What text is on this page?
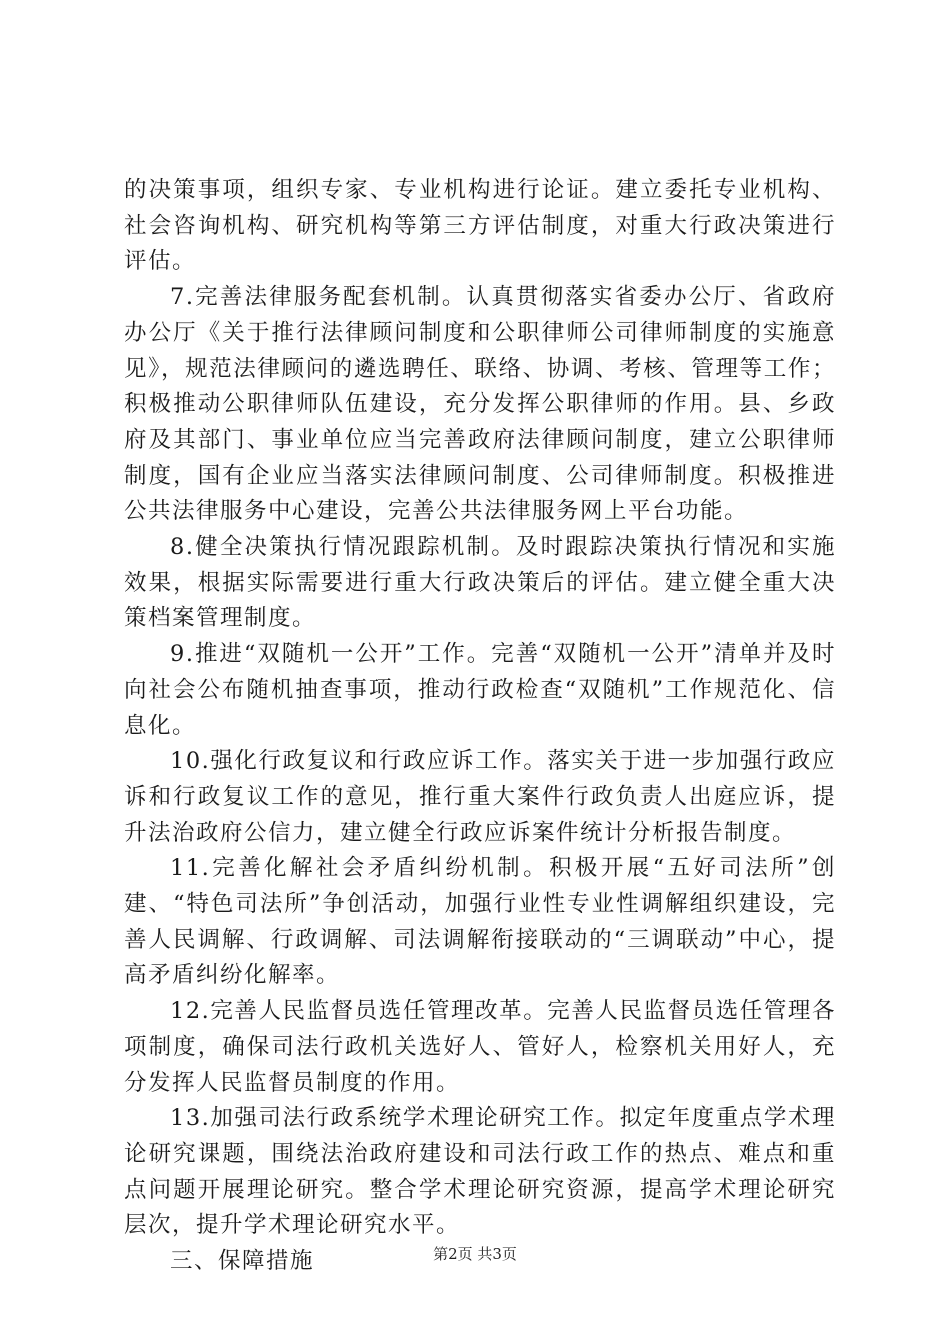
的决策事项，组织专家、专业机构进行论证。建立委托专业机构、社会咨询机构、研究机构等第三方评估制度，对重大行政决策进行评估。

7.完善法律服务配套机制。认真贯彻落实省委办公厅、省政府办公厅《关于推行法律顾问制度和公职律师公司律师制度的实施意见》，规范法律顾问的遴选聘任、联络、协调、考核、管理等工作；积极推动公职律师队伍建设，充分发挥公职律师的作用。县、乡政府及其部门、事业单位应当完善政府法律顾问制度，建立公职律师制度，国有企业应当落实法律顾问制度、公司律师制度。积极推进公共法律服务中心建设，完善公共法律服务网上平台功能。

8.健全决策执行情况跟踪机制。及时跟踪决策执行情况和实施效果，根据实际需要进行重大行政决策后的评估。建立健全重大决策档案管理制度。

9.推进“双随机一公开”工作。完善“双随机一公开”清单并及时向社会公布随机抽查事项，推动行政检查“双随机”工作规范化、信息化。

10.强化行政复议和行政应诉工作。落实关于进一步加强行政应诉和行政复议工作的意见，推行重大案件行政负责人出庭应诉，提升法治政府公信力，建立健全行政应诉案件统计分析报告制度。

11.完善化解社会矛盾纠纷机制。积极开展“五好司法所”创建、“特色司法所”争创活动，加强行业性专业性调解组织建设，完善人民调解、行政调解、司法调解衔接联动的“三调联动”中心，提高矛盾纠纷化解率。

12.完善人民监督员选任管理改革。完善人民监督员选任管理各项制度，确保司法行政机关选好人、管好人，检察机关用好人，充分发挥人民监督员制度的作用。

13.加强司法行政系统学术理论研究工作。拟定年度重点学术理论研究课题，围绕法治政府建设和司法行政工作的热点、难点和重点问题开展理论研究。整合学术理论研究资源，提高学术理论研究层次，提升学术理论研究水平。

三、保障措施	第2页 共3页
